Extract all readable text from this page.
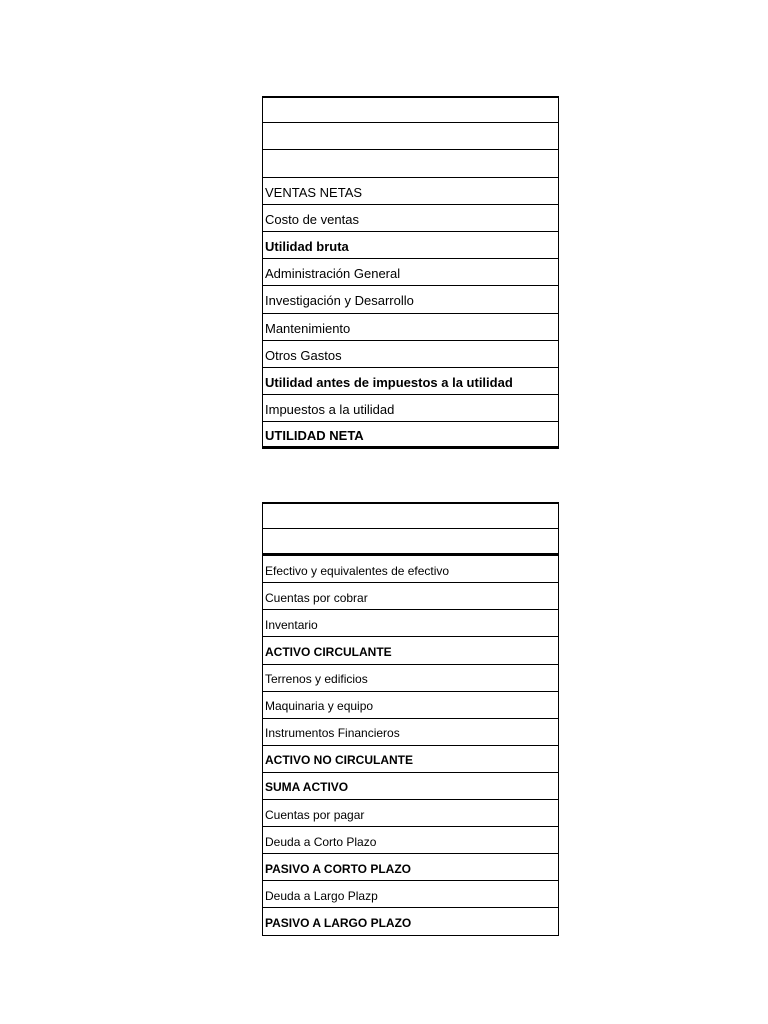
VENTAS NETAS
Costo de ventas
Utilidad bruta
Administración General
Investigación y Desarrollo
Mantenimiento
Otros Gastos
Utilidad antes de impuestos a la utilidad
Impuestos a la utilidad
UTILIDAD NETA
Efectivo y equivalentes de efectivo
Cuentas por cobrar
Inventario
ACTIVO CIRCULANTE
Terrenos y edificios
Maquinaria y equipo
Instrumentos Financieros
ACTIVO NO CIRCULANTE
SUMA ACTIVO
Cuentas por pagar
Deuda a Corto Plazo
PASIVO A CORTO PLAZO
Deuda a Largo Plazp
PASIVO A LARGO PLAZO
